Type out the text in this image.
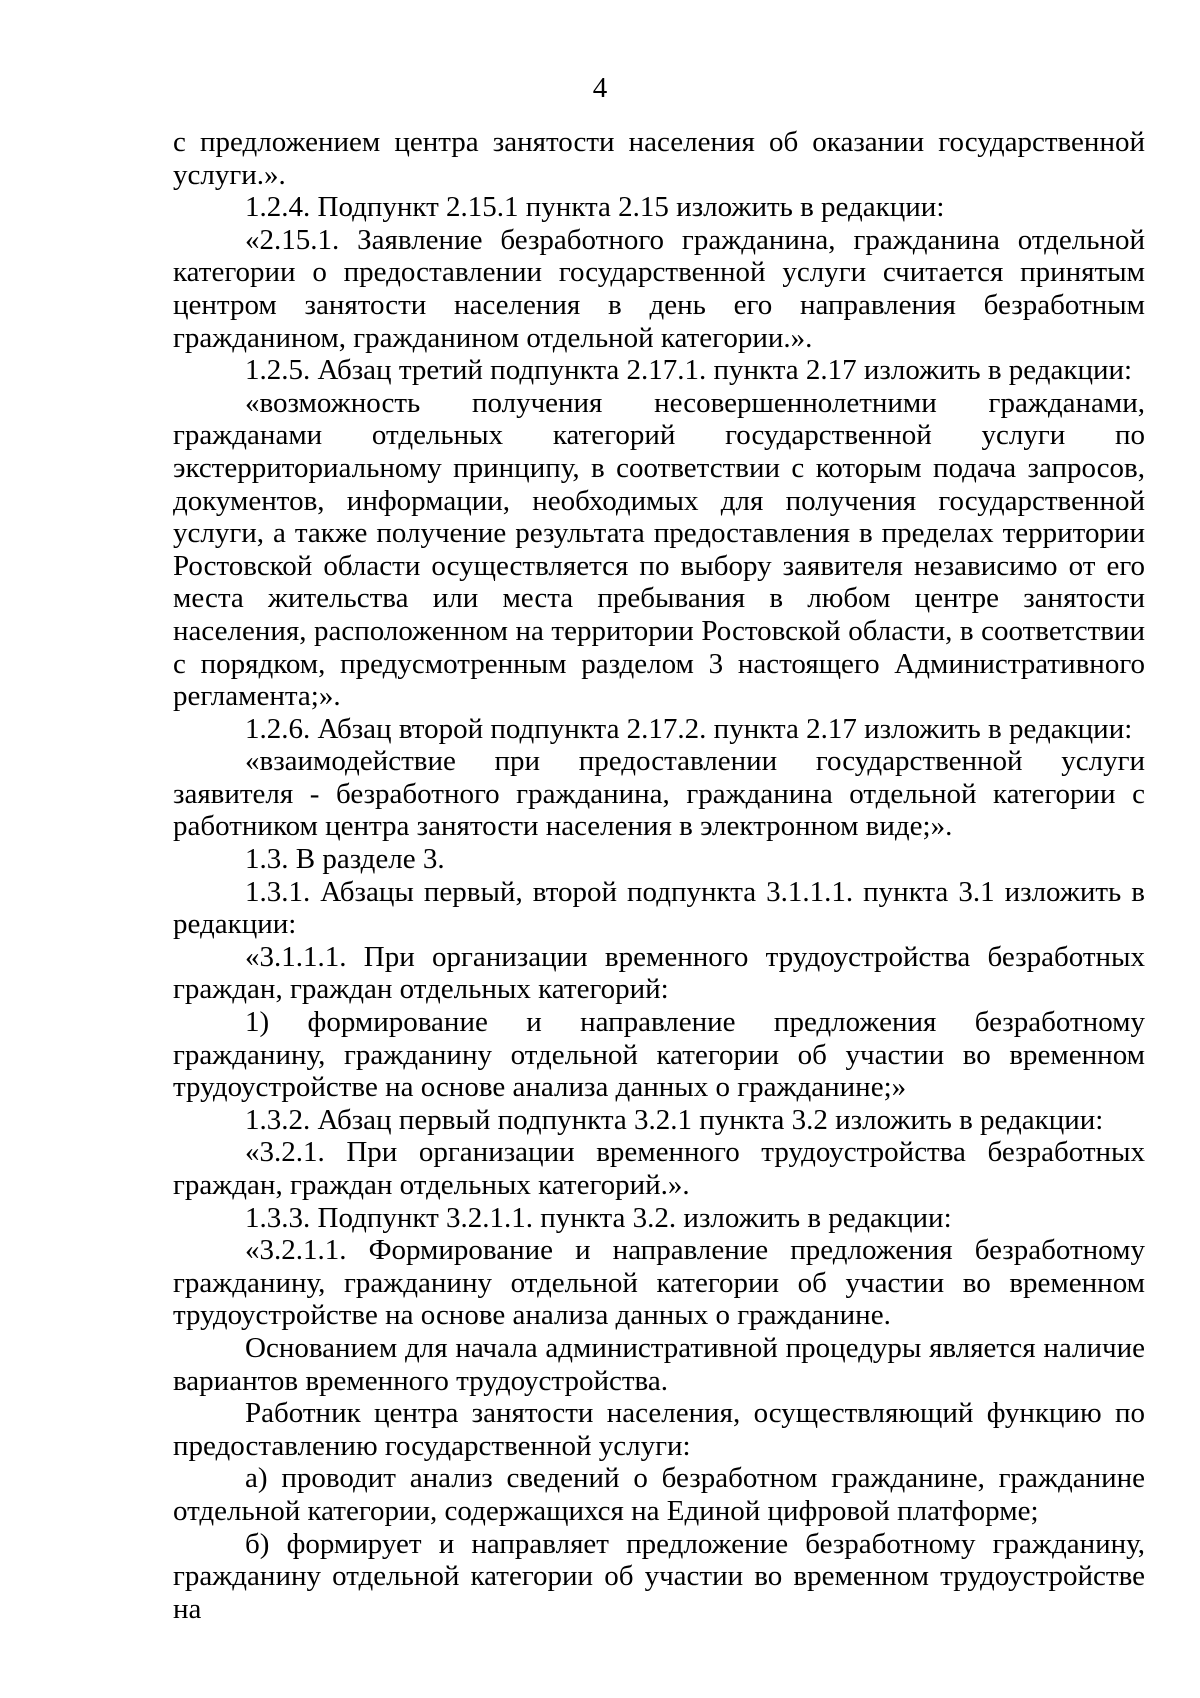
4

с предложением центра занятости населения об оказании государственной услуги.».

1.2.4. Подпункт 2.15.1 пункта 2.15 изложить в редакции:

«2.15.1. Заявление безработного гражданина, гражданина отдельной категории о предоставлении государственной услуги считается принятым центром занятости населения в день его направления безработным гражданином, гражданином отдельной категории.».

1.2.5. Абзац третий подпункта 2.17.1. пункта 2.17 изложить в редакции:

«возможность получения несовершеннолетними гражданами, гражданами отдельных категорий государственной услуги по экстерриториальному принципу, в соответствии с которым подача запросов, документов, информации, необходимых для получения государственной услуги, а также получение результата предоставления в пределах территории Ростовской области осуществляется по выбору заявителя независимо от его места жительства или места пребывания в любом центре занятости населения, расположенном на территории Ростовской области, в соответствии с порядком, предусмотренным разделом 3 настоящего Административного регламента;».

1.2.6. Абзац второй подпункта 2.17.2. пункта 2.17 изложить в редакции:

«взаимодействие при предоставлении государственной услуги заявителя - безработного гражданина, гражданина отдельной категории с работником центра занятости населения в электронном виде;».

1.3. В разделе 3.

1.3.1. Абзацы первый, второй подпункта 3.1.1.1. пункта 3.1 изложить в редакции:

«3.1.1.1. При организации временного трудоустройства безработных граждан, граждан отдельных категорий:

1) формирование и направление предложения безработному гражданину, гражданину отдельной категории об участии во временном трудоустройстве на основе анализа данных о гражданине;»

1.3.2. Абзац первый подпункта 3.2.1 пункта 3.2 изложить в редакции:

«3.2.1. При организации временного трудоустройства безработных граждан, граждан отдельных категорий.».

1.3.3. Подпункт 3.2.1.1. пункта 3.2. изложить в редакции:

«3.2.1.1. Формирование и направление предложения безработному гражданину, гражданину отдельной категории об участии во временном трудоустройстве на основе анализа данных о гражданине.

Основанием для начала административной процедуры является наличие вариантов временного трудоустройства.

Работник центра занятости населения, осуществляющий функцию по предоставлению государственной услуги:

а) проводит анализ сведений о безработном гражданине, гражданине отдельной категории, содержащихся на Единой цифровой платформе;

б) формирует и направляет предложение безработному гражданину, гражданину отдельной категории об участии во временном трудоустройстве на
